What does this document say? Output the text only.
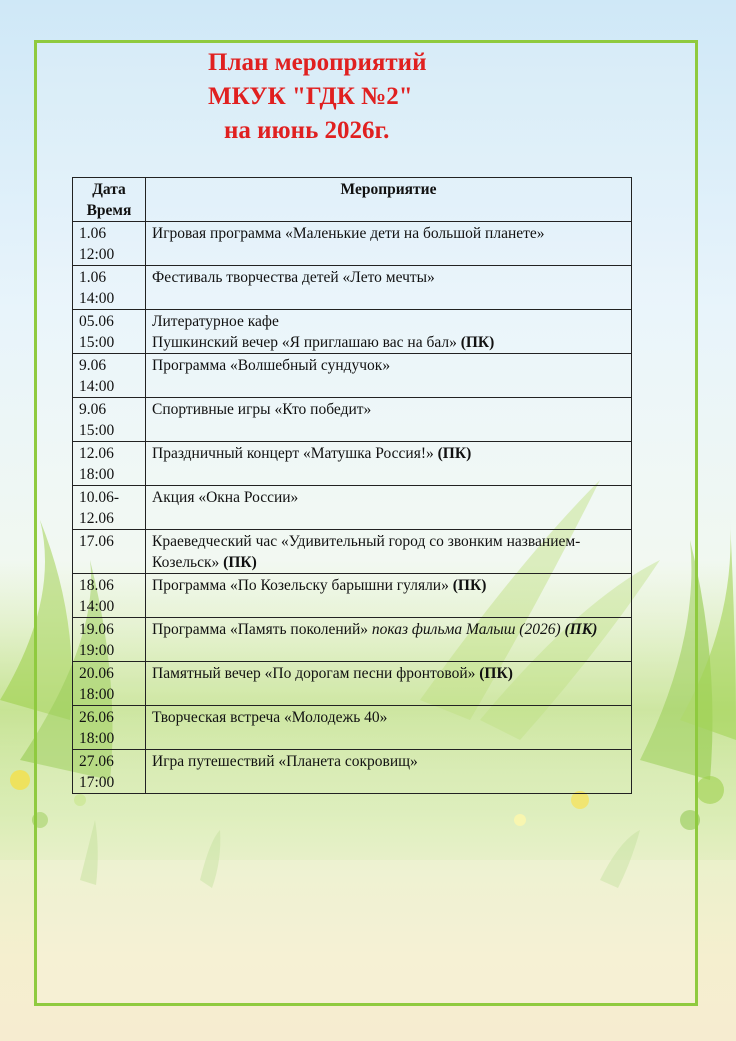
План мероприятий
МКУК "ГДК №2"
на июнь 2026г.
Дата
Время	Мероприятие
1.06
12:00	Игровая программа «Маленькие дети на большой планете»
1.06
14:00	Фестиваль творчества детей «Лето мечты»
05.06
15:00	Литературное кафе
Пушкинский вечер «Я приглашаю вас на бал» (ПК)
9.06
14:00	Программа «Волшебный сундучок»
9.06
15:00	Спортивные игры «Кто победит»
12.06
18:00	Праздничный концерт «Матушка Россия!» (ПК)
10.06-
12.06	Акция «Окна России»
17.06	Краеведческий час «Удивительный город со звонким названием-Козельск» (ПК)
18.06
14:00	Программа «По Козельску барышни гуляли» (ПК)
19.06
19:00	Программа «Память поколений» показ фильма Малыш (2026) (ПК)
20.06
18:00	Памятный вечер «По дорогам песни фронтовой» (ПК)
26.06
18:00	Творческая встреча «Молодежь 40»
27.06
17:00	Игра путешествий «Планета сокровищ»
